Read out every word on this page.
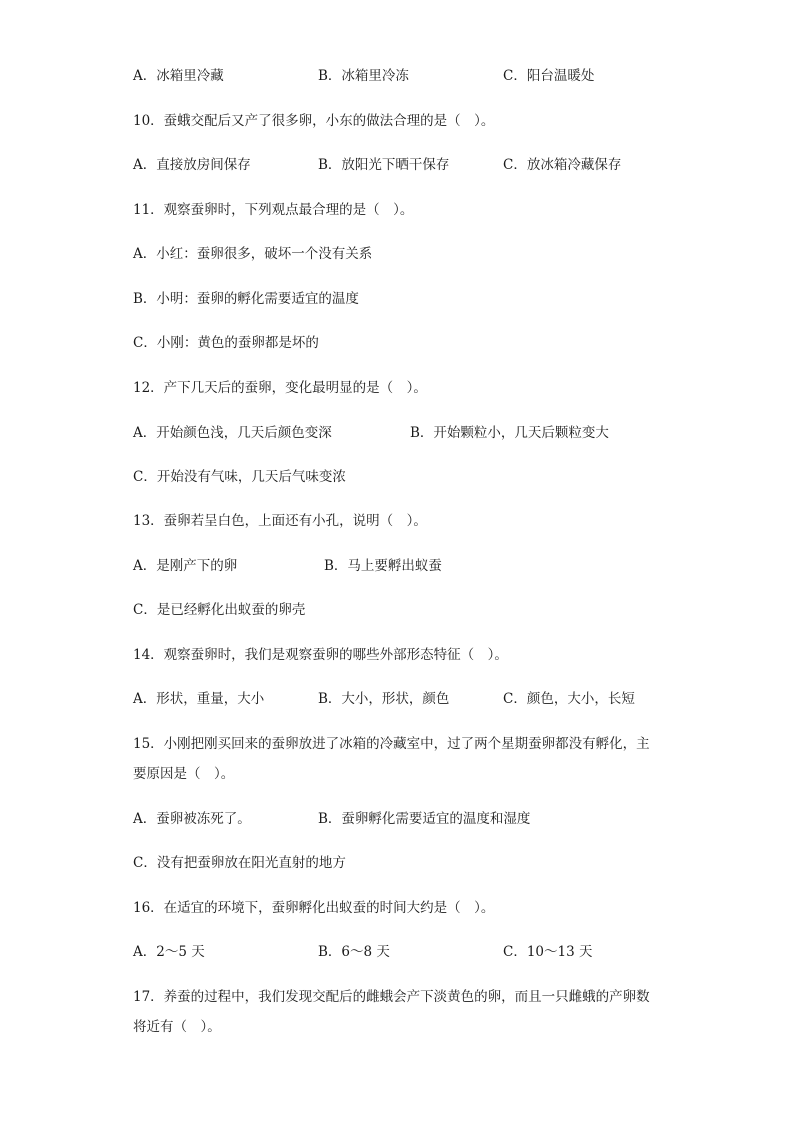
A．冰箱里冷藏	B．冰箱里冷冻	C．阳台温暖处
10．蚕蛾交配后又产了很多卵，小东的做法合理的是（　）。
A．直接放房间保存	B．放阳光下晒干保存	C．放冰箱冷藏保存
11．观察蚕卵时，下列观点最合理的是（　）。
A．小红：蚕卵很多，破坏一个没有关系
B．小明：蚕卵的孵化需要适宜的温度
C．小刚：黄色的蚕卵都是坏的
12．产下几天后的蚕卵，变化最明显的是（　）。
A．开始颜色浅，几天后颜色变深	B．开始颗粒小，几天后颗粒变大
C．开始没有气味，几天后气味变浓
13．蚕卵若呈白色，上面还有小孔，说明（　）。
A．是刚产下的卵	B．马上要孵出蚁蚕
C．是已经孵化出蚁蚕的卵壳
14．观察蚕卵时，我们是观察蚕卵的哪些外部形态特征（　）。
A．形状，重量，大小	B．大小，形状，颜色	C．颜色，大小，长短
15．小刚把刚买回来的蚕卵放进了冰箱的冷藏室中，过了两个星期蚕卵都没有孵化，主
要原因是（　）。
A．蚕卵被冻死了。	B．蚕卵孵化需要适宜的温度和湿度
C．没有把蚕卵放在阳光直射的地方
16．在适宜的环境下，蚕卵孵化出蚁蚕的时间大约是（　）。
A．2～5 天	B．6～8 天	C．10～13 天
17．养蚕的过程中，我们发现交配后的雌蛾会产下淡黄色的卵，而且一只雌蛾的产卵数
将近有（　）。
